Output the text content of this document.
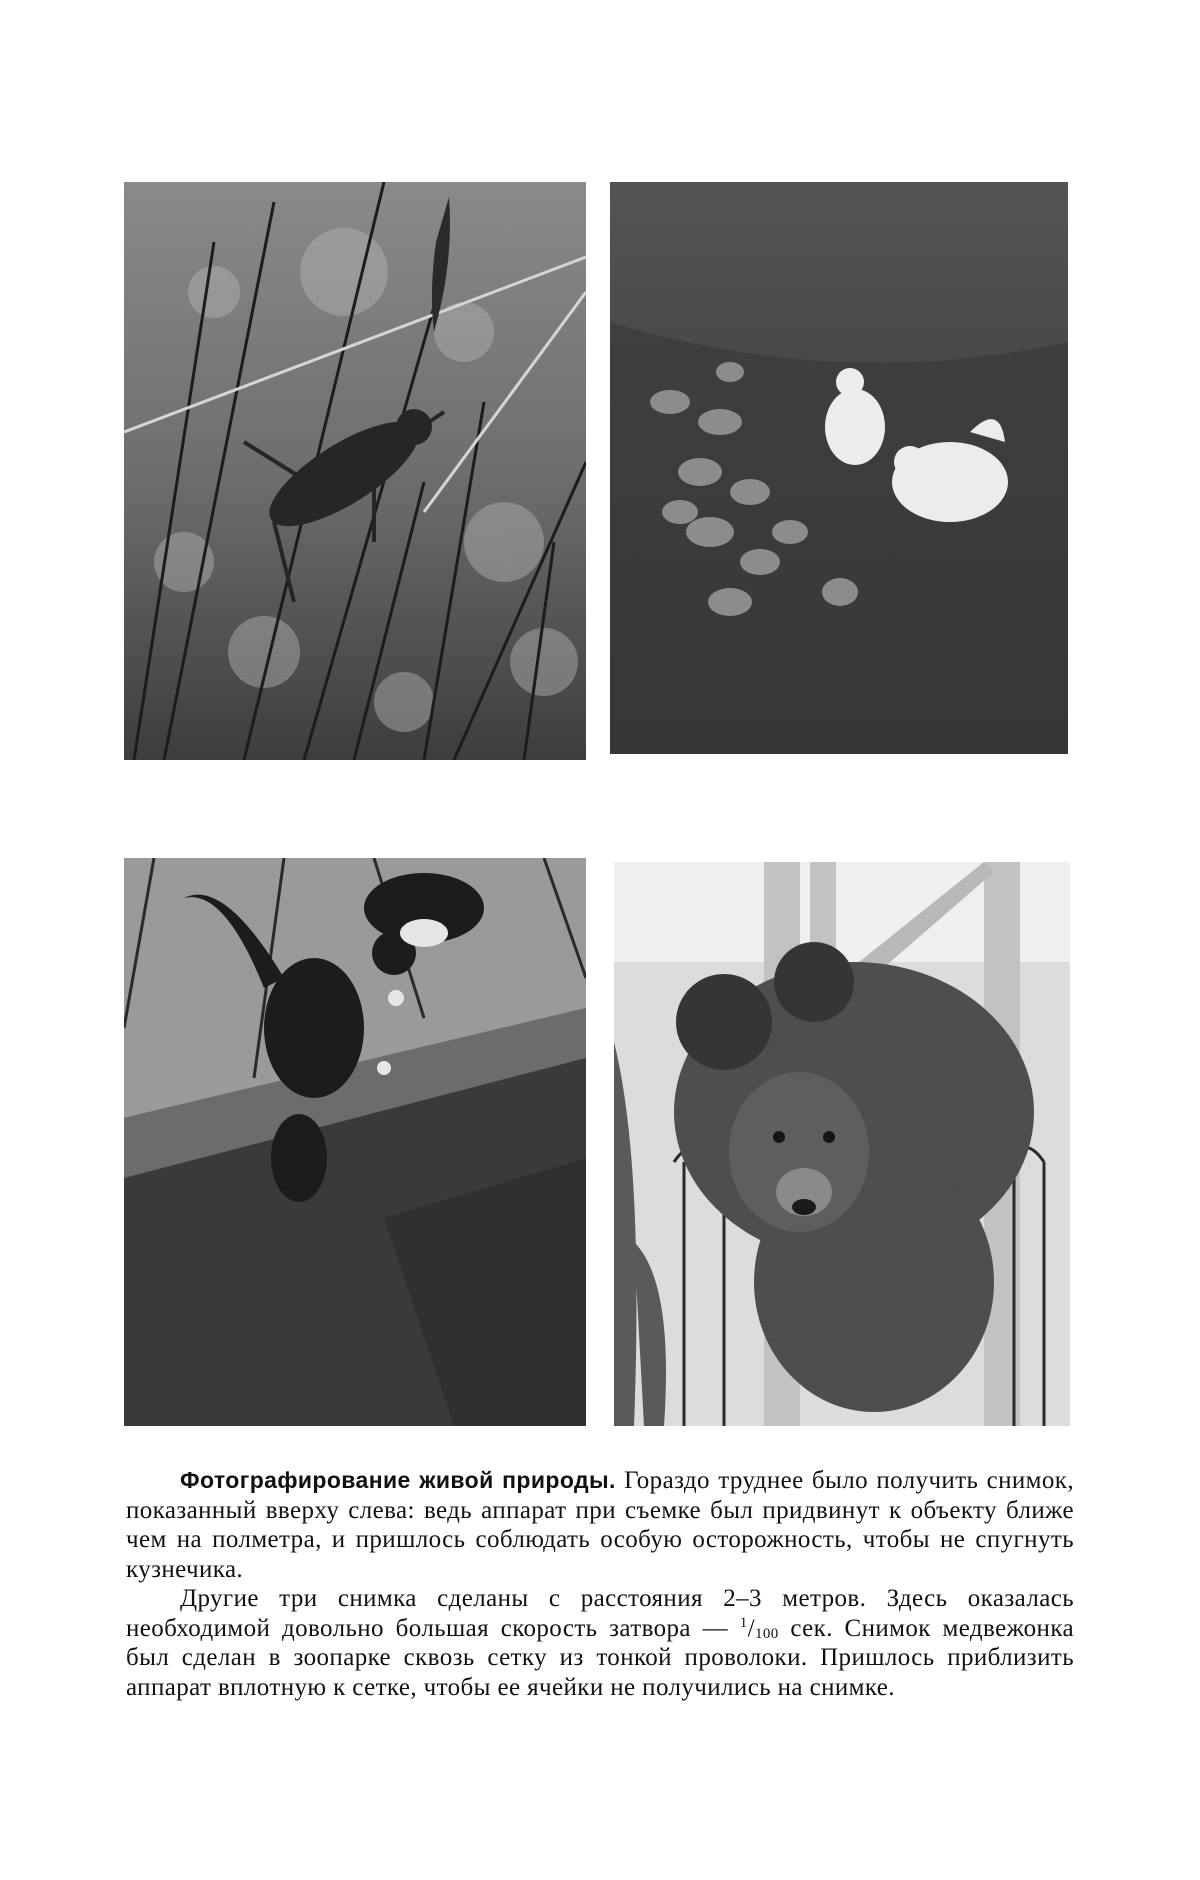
Фотографирование живой природы. Гораздо труднее было получить снимок, показанный вверху слева: ведь аппарат при съемке был придвинут к объекту ближе чем на полметра, и пришлось соблюдать особую осторожность, чтобы не спугнуть кузнечика.

Другие три снимка сделаны с расстояния 2–3 метров. Здесь оказалась необходимой довольно большая скорость затвора — $^1/_{100}$ сек. Снимок медвежонка был сделан в зоопарке сквозь сетку из тонкой проволоки. Пришлось приблизить аппарат вплотную к сетке, чтобы ее ячейки не получились на снимке.
